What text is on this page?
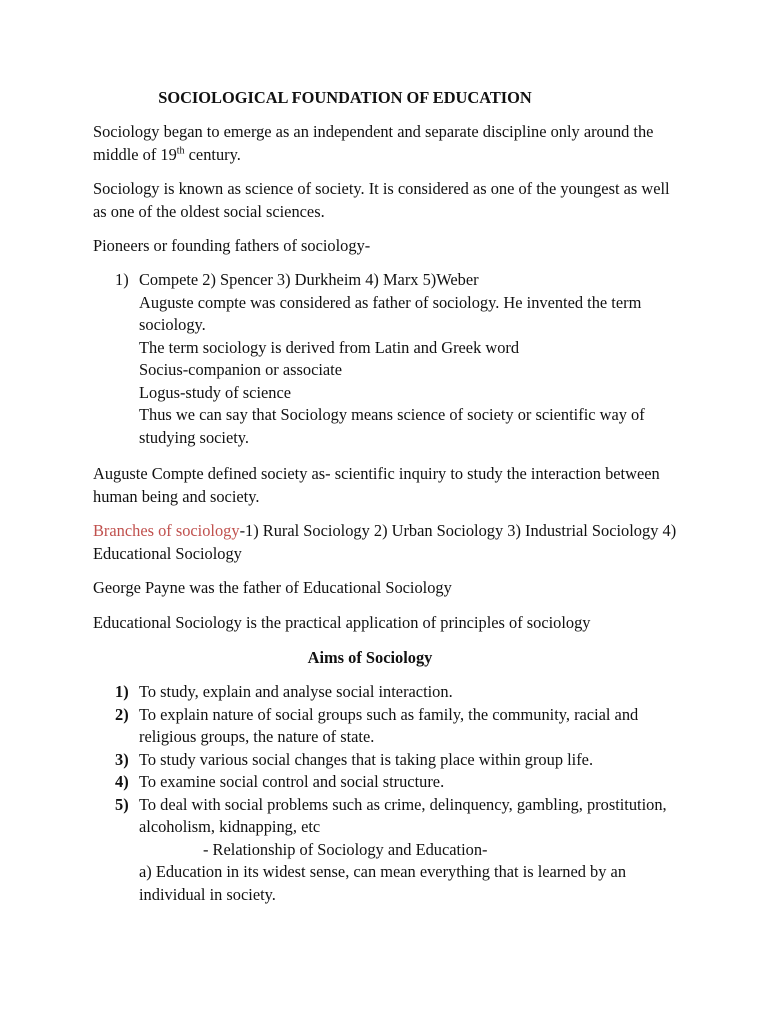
SOCIOLOGICAL FOUNDATION OF EDUCATION

Sociology began to emerge as an independent and separate discipline only around the middle of 19th century.

Sociology is known as science of society. It is considered as one of the youngest as well as one of the oldest social sciences.

Pioneers or founding fathers of sociology-

1) Compete 2) Spencer 3) Durkheim 4) Marx 5)Weber

Auguste compte was considered as father of sociology. He invented the term sociology.

The term sociology is derived from Latin and Greek word

Socius-companion or associate

Logus-study of science

Thus we can say that Sociology means science of society or scientific way of studying society.

Auguste Compte defined society as- scientific inquiry to study the interaction between human being and society.

Branches of sociology-1) Rural Sociology 2) Urban Sociology 3) Industrial Sociology 4) Educational Sociology

George Payne was the father of Educational Sociology

Educational Sociology is the practical application of principles of sociology

Aims of Sociology

1) To study, explain and analyse social interaction.
2) To explain nature of social groups such as family, the community, racial and religious groups, the nature of state.
3) To study various social changes that is taking place within group life.
4) To examine social control and social structure.
5) To deal with social problems such as crime, delinquency, gambling, prostitution, alcoholism, kidnapping, etc

- Relationship of Sociology and Education-

a) Education in its widest sense, can mean everything that is learned by an individual in society.
